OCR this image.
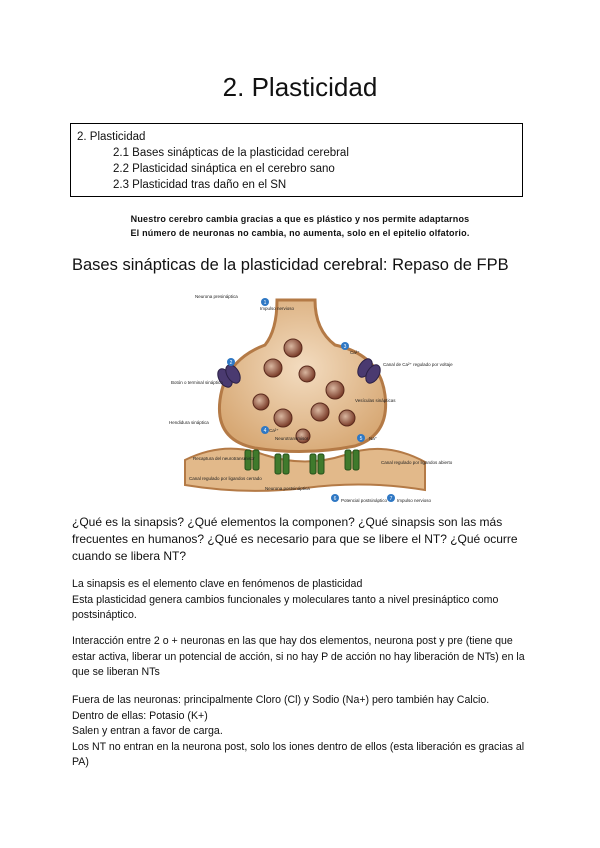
2. Plasticidad
2. Plasticidad
2.1 Bases sinápticas de la plasticidad cerebral
2.2 Plasticidad sináptica en el cerebro sano
2.3 Plasticidad tras daño en el SN
Nuestro cerebro cambia gracias a que es plástico y nos permite adaptarnos
El número de neuronas no cambia, no aumenta, solo en el epitelio olfatorio.
Bases sinápticas de la plasticidad cerebral: Repaso de FPB
Neurona presináptica
Impulso nervioso
Canal de Ca²⁺ regulado por voltaje
Ca²⁺
Botón o terminal sináptico
Vesículas sinápticas
Hendidura sináptica
Ca²⁺
Neurotransmisor	Na⁺
Recaptura del neurotransmisor
Canal regulado por ligandos cerrado
Canal regulado por ligandos abierto
Neurona postsináptica
Potencial postsináptico Impulso nervioso
1
2
3
4
5
6	7
¿Qué es la sinapsis? ¿Qué elementos la componen? ¿Qué sinapsis son las más frecuentes en humanos? ¿Qué es necesario para que se libere el NT? ¿Qué ocurre cuando se libera NT?
La sinapsis es el elemento clave en fenómenos de plasticidad
Esta plasticidad genera cambios funcionales y moleculares tanto a nivel presináptico como postsináptico.
Interacción entre 2 o + neuronas en las que hay dos elementos, neurona post y pre (tiene que estar activa, liberar un potencial de acción, si no hay P de acción no hay liberación de NTs) en la que se liberan NTs
Fuera de las neuronas: principalmente Cloro (Cl) y Sodio (Na+) pero también hay Calcio.
Dentro de ellas: Potasio (K+)
Salen y entran a favor de carga.
Los NT no entran en la neurona post, solo los iones dentro de ellos (esta liberación es gracias al PA)
